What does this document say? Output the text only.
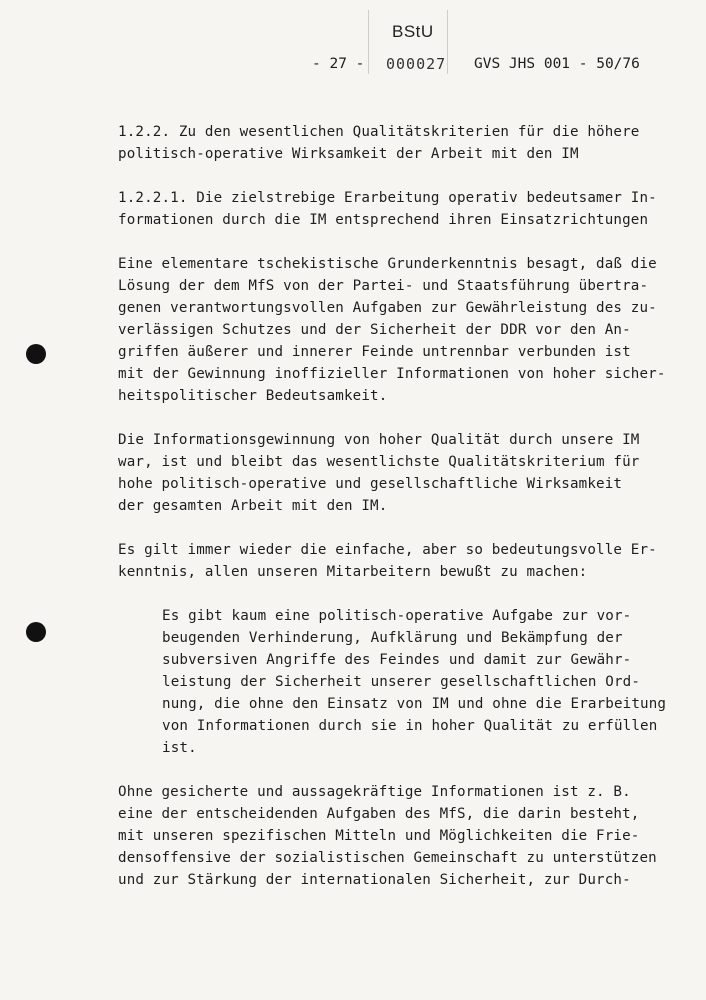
BStU
000027
- 27 -	GVS JHS 001 - 50/76
1.2.2. Zu den wesentlichen Qualitätskriterien für die höhere
politisch-operative Wirksamkeit der Arbeit mit den IM
1.2.2.1. Die zielstrebige Erarbeitung operativ bedeutsamer In-
formationen durch die IM entsprechend ihren Einsatzrichtungen
Eine elementare tschekistische Grunderkenntnis besagt, daß die
Lösung der dem MfS von der Partei- und Staatsführung übertra-
genen verantwortungsvollen Aufgaben zur Gewährleistung des zu-
verlässigen Schutzes und der Sicherheit der DDR vor den An-
griffen äußerer und innerer Feinde untrennbar verbunden ist
mit der Gewinnung inoffizieller Informationen von hoher sicher-
heitspolitischer Bedeutsamkeit.
Die Informationsgewinnung von hoher Qualität durch unsere IM
war, ist und bleibt das wesentlichste Qualitätskriterium für
hohe politisch-operative und gesellschaftliche Wirksamkeit
der gesamten Arbeit mit den IM.
Es gilt immer wieder die einfache, aber so bedeutungsvolle Er-
kenntnis, allen unseren Mitarbeitern bewußt zu machen:
Es gibt kaum eine politisch-operative Aufgabe zur vor-
beugenden Verhinderung, Aufklärung und Bekämpfung der
subversiven Angriffe des Feindes und damit zur Gewähr-
leistung der Sicherheit unserer gesellschaftlichen Ord-
nung, die ohne den Einsatz von IM und ohne die Erarbeitung
von Informationen durch sie in hoher Qualität zu erfüllen
ist.
Ohne gesicherte und aussagekräftige Informationen ist z. B.
eine der entscheidenden Aufgaben des MfS, die darin besteht,
mit unseren spezifischen Mitteln und Möglichkeiten die Frie-
densoffensive der sozialistischen Gemeinschaft zu unterstützen
und zur Stärkung der internationalen Sicherheit, zur Durch-
